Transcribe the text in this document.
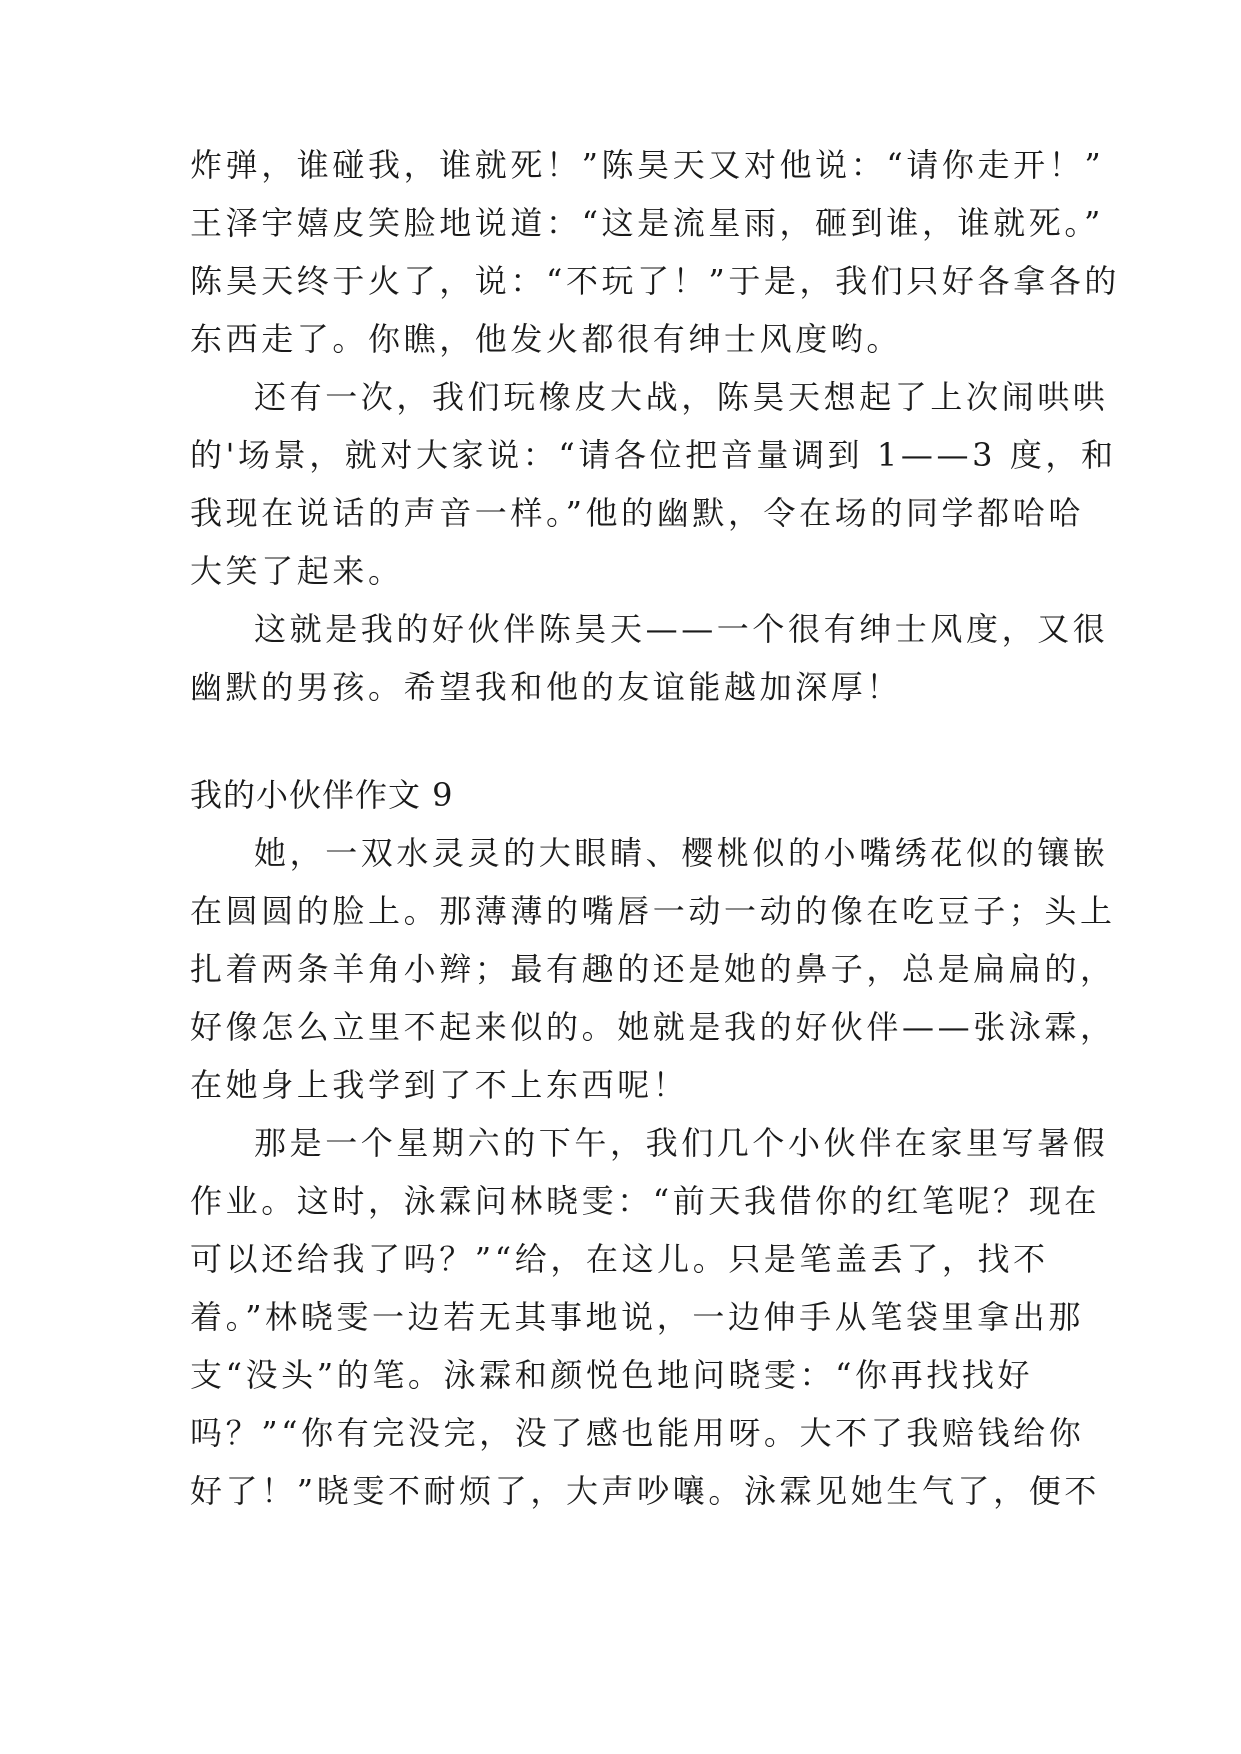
炸弹，谁碰我，谁就死！”陈昊天又对他说：“请你走开！”
王泽宇嬉皮笑脸地说道：“这是流星雨，砸到谁，谁就死。”
陈昊天终于火了，说：“不玩了！”于是，我们只好各拿各的
东西走了。你瞧，他发火都很有绅士风度哟。
还有一次，我们玩橡皮大战，陈昊天想起了上次闹哄哄
的'场景，就对大家说：“请各位把音量调到 1——3 度，和
我现在说话的声音一样。”他的幽默，令在场的同学都哈哈
大笑了起来。
这就是我的好伙伴陈昊天——一个很有绅士风度，又很
幽默的男孩。希望我和他的友谊能越加深厚！
我的小伙伴作文 9
她，一双水灵灵的大眼睛、樱桃似的小嘴绣花似的镶嵌
在圆圆的脸上。那薄薄的嘴唇一动一动的像在吃豆子；头上
扎着两条羊角小辫；最有趣的还是她的鼻子，总是扁扁的，
好像怎么立里不起来似的。她就是我的好伙伴——张泳霖，
在她身上我学到了不上东西呢！
那是一个星期六的下午，我们几个小伙伴在家里写暑假
作业。这时，泳霖问林晓雯：“前天我借你的红笔呢？现在
可以还给我了吗？”“给，在这儿。只是笔盖丢了，找不
着。”林晓雯一边若无其事地说，一边伸手从笔袋里拿出那
支“没头”的笔。泳霖和颜悦色地问晓雯：“你再找找好
吗？”“你有完没完，没了感也能用呀。大不了我赔钱给你
好了！”晓雯不耐烦了，大声吵嚷。泳霖见她生气了，便不
